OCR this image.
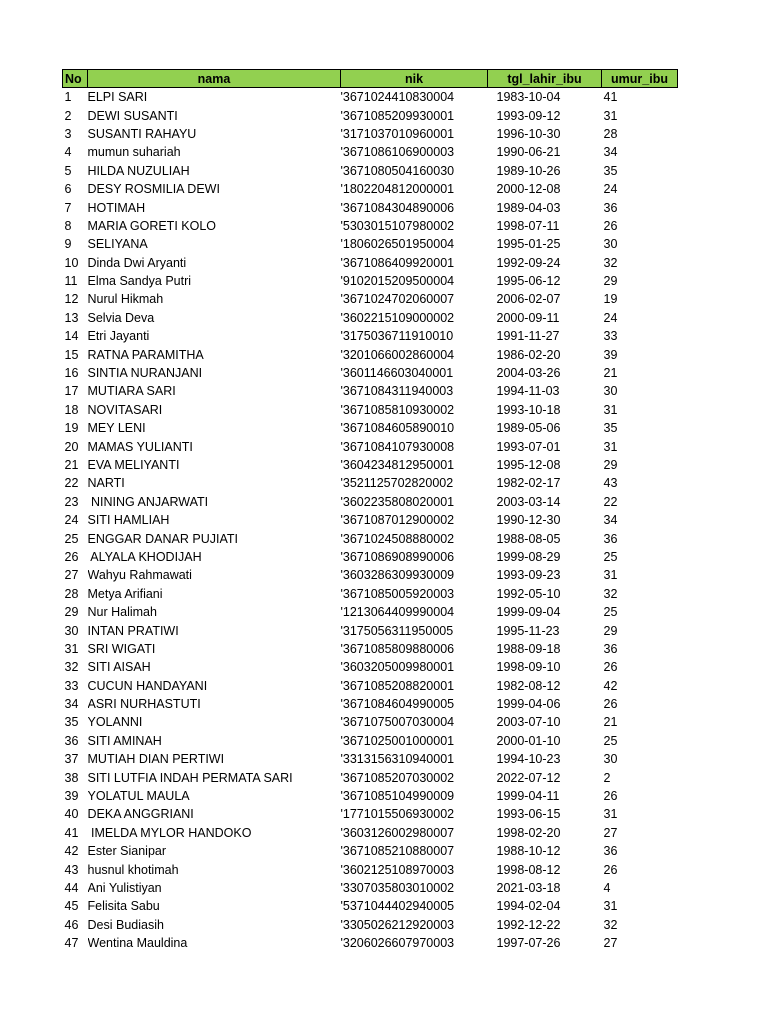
No	nama	nik	tgl_lahir_ibu	umur_ibu
1	ELPI SARI	'3671024410830004	1983-10-04	41
2	DEWI SUSANTI	'3671085209930001	1993-09-12	31
3	SUSANTI RAHAYU	'3171037010960001	1996-10-30	28
4	mumun suhariah	'3671086106900003	1990-06-21	34
5	HILDA NUZULIAH	'3671080504160030	1989-10-26	35
6	DESY ROSMILIA DEWI	'1802204812000001	2000-12-08	24
7	HOTIMAH	'3671084304890006	1989-04-03	36
8	MARIA GORETI KOLO	'5303015107980002	1998-07-11	26
9	SELIYANA	'1806026501950004	1995-01-25	30
10	Dinda Dwi Aryanti	'3671086409920001	1992-09-24	32
11	Elma Sandya Putri	'9102015209500004	1995-06-12	29
12	Nurul Hikmah	'3671024702060007	2006-02-07	19
13	Selvia Deva	'3602215109000002	2000-09-11	24
14	Etri Jayanti	'3175036711910010	1991-11-27	33
15	RATNA PARAMITHA	'3201066002860004	1986-02-20	39
16	SINTIA NURANJANI	'3601146603040001	2004-03-26	21
17	MUTIARA SARI	'3671084311940003	1994-11-03	30
18	NOVITASARI	'3671085810930002	1993-10-18	31
19	MEY LENI	'3671084605890010	1989-05-06	35
20	MAMAS YULIANTI	'3671084107930008	1993-07-01	31
21	EVA MELIYANTI	'3604234812950001	1995-12-08	29
22	NARTI	'3521125702820002	1982-02-17	43
23	NINING ANJARWATI	'3602235808020001	2003-03-14	22
24	SITI HAMLIAH	'3671087012900002	1990-12-30	34
25	ENGGAR DANAR PUJIATI	'3671024508880002	1988-08-05	36
26	ALYALA KHODIJAH	'3671086908990006	1999-08-29	25
27	Wahyu Rahmawati	'3603286309930009	1993-09-23	31
28	Metya Arifiani	'3671085005920003	1992-05-10	32
29	Nur Halimah	'1213064409990004	1999-09-04	25
30	INTAN PRATIWI	'3175056311950005	1995-11-23	29
31	SRI WIGATI	'3671085809880006	1988-09-18	36
32	SITI AISAH	'3603205009980001	1998-09-10	26
33	CUCUN HANDAYANI	'3671085208820001	1982-08-12	42
34	ASRI NURHASTUTI	'3671084604990005	1999-04-06	26
35	YOLANNI	'3671075007030004	2003-07-10	21
36	SITI AMINAH	'3671025001000001	2000-01-10	25
37	MUTIAH DIAN PERTIWI	'3313156310940001	1994-10-23	30
38	SITI LUTFIA INDAH PERMATA SARI	'3671085207030002	2022-07-12	2
39	YOLATUL MAULA	'3671085104990009	1999-04-11	26
40	DEKA ANGGRIANI	'1771015506930002	1993-06-15	31
41	IMELDA MYLOR HANDOKO	'3603126002980007	1998-02-20	27
42	Ester Sianipar	'3671085210880007	1988-10-12	36
43	husnul khotimah	'3602125108970003	1998-08-12	26
44	Ani Yulistiyan	'3307035803010002	2021-03-18	4
45	Felisita Sabu	'5371044402940005	1994-02-04	31
46	Desi Budiasih	'3305026212920003	1992-12-22	32
47	Wentina Mauldina	'3206026607970003	1997-07-26	27
